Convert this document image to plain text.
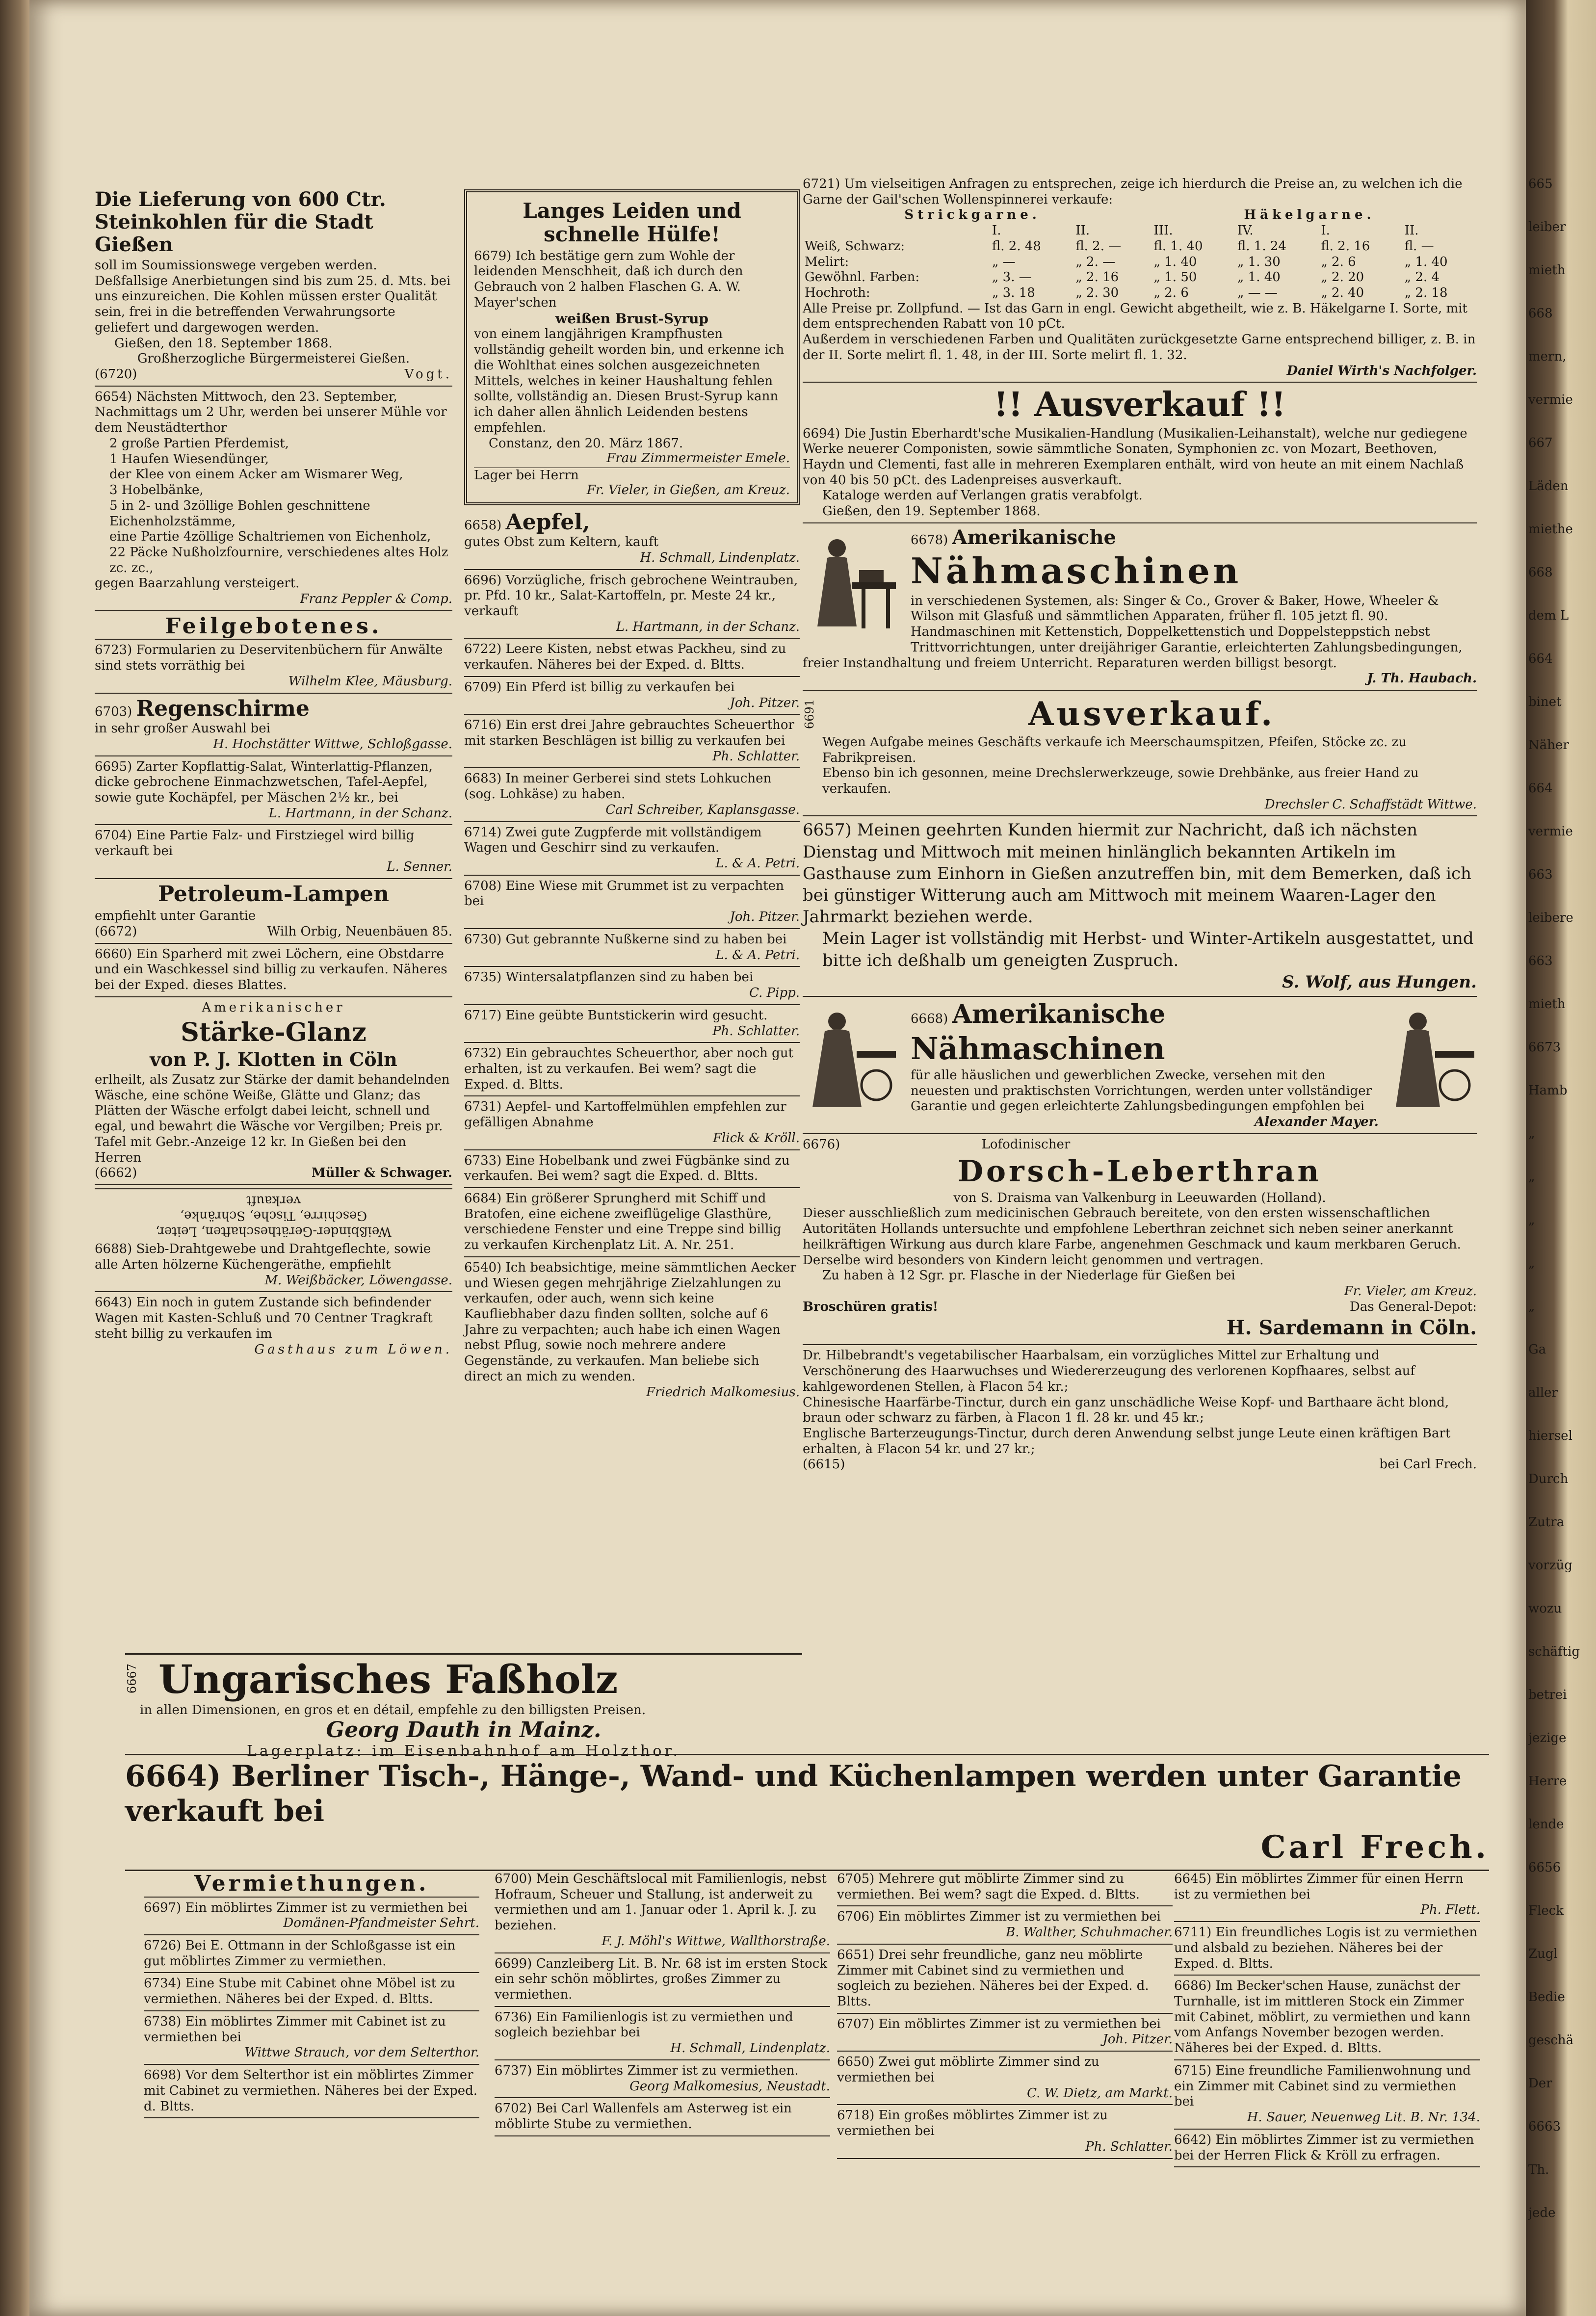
Die Lieferung von 600 Ctr. Steinkohlen für die Stadt Gießen
soll im Soumissionswege vergeben werden. Deßfallsige Anerbietungen sind bis zum 25. d. Mts. bei uns einzureichen. Die Kohlen müssen erster Qualität sein, frei in die betreffenden Verwahrungsorte geliefert und dargewogen werden.
Gießen, den 18. September 1868.
Großherzogliche Bürgermeisterei Gießen.
(6720)	Vogt.
6654) Nächsten Mittwoch, den 23. September, Nachmittags um 2 Uhr, werden bei unserer Mühle vor dem Neustädterthor
2 große Partien Pferdemist,
1 Haufen Wiesendünger,
der Klee von einem Acker am Wismarer Weg,
3 Hobelbänke,
5 in 2- und 3zöllige Bohlen geschnittene Eichenholzstämme,
eine Partie 4zöllige Schaltriemen von Eichenholz,
22 Päcke Nußholzfournire, verschiedenes altes Holz zc. zc.,
gegen Baarzahlung versteigert.
Franz Peppler & Comp.
Feilgebotenes.
6723) Formularien zu Deservitenbüchern für Anwälte sind stets vorräthig bei
Wilhelm Klee, Mäusburg.
6703) Regenschirme
in sehr großer Auswahl bei
H. Hochstätter Wittwe, Schloßgasse.
6695) Zarter Kopflattig-Salat, Winterlattig-Pflanzen, dicke gebrochene Einmachzwetschen, Tafel-Aepfel, sowie gute Kochäpfel, per Mäschen 2½ kr., bei
L. Hartmann, in der Schanz.
6704) Eine Partie Falz- und Firstziegel wird billig verkauft bei
L. Senner.
Petroleum-Lampen
empfiehlt unter Garantie
(6672)	Wilh Orbig, Neuenbäuen 85.
6660) Ein Sparherd mit zwei Löchern, eine Obstdarre und ein Waschkessel sind billig zu verkaufen. Näheres bei der Exped. dieses Blattes.
Amerikanischer
Stärke-Glanz
von P. J. Klotten in Cöln
erlheilt, als Zusatz zur Stärke der damit behandelnden Wäsche, eine schöne Weiße, Glätte und Glanz; das Plätten der Wäsche erfolgt dabei leicht, schnell und egal, und bewahrt die Wäsche vor Vergilben; Preis pr. Tafel mit Gebr.-Anzeige 12 kr. In Gießen bei den Herren
(6662)	Müller & Schwager.
Weißbinder-Gerätheschaften, Leiter,
Geschirre, Tische, Schränke,
verkauft
6688) Sieb-Drahtgewebe und Drahtgeflechte, sowie alle Arten hölzerne Küchengeräthe, empfiehlt
M. Weißbäcker, Löwengasse.
6643) Ein noch in gutem Zustande sich befindender Wagen mit Kasten-Schluß und 70 Centner Tragkraft steht billig zu verkaufen im
Gasthaus zum Löwen.
Langes Leiden und schnelle Hülfe!
6679) Ich bestätige gern zum Wohle der leidenden Menschheit, daß ich durch den Gebrauch von 2 halben Flaschen G. A. W. Mayer'schen
weißen Brust-Syrup
von einem langjährigen Krampfhusten vollständig geheilt worden bin, und erkenne ich die Wohlthat eines solchen ausgezeichneten Mittels, welches in keiner Haushaltung fehlen sollte, vollständig an. Diesen Brust-Syrup kann ich daher allen ähnlich Leidenden bestens empfehlen.
Constanz, den 20. März 1867.
Frau Zimmermeister Emele.
Lager bei Herrn
Fr. Vieler, in Gießen, am Kreuz.
6658) Aepfel,
gutes Obst zum Keltern, kauft
H. Schmall, Lindenplatz.
6696) Vorzügliche, frisch gebrochene Weintrauben, pr. Pfd. 10 kr., Salat-Kartoffeln, pr. Meste 24 kr., verkauft
L. Hartmann, in der Schanz.
6722) Leere Kisten, nebst etwas Packheu, sind zu verkaufen. Näheres bei der Exped. d. Bltts.
6709) Ein Pferd ist billig zu verkaufen bei
Joh. Pitzer.
6716) Ein erst drei Jahre gebrauchtes Scheuerthor mit starken Beschlägen ist billig zu verkaufen bei
Ph. Schlatter.
6683) In meiner Gerberei sind stets Lohkuchen (sog. Lohkäse) zu haben.
Carl Schreiber, Kaplansgasse.
6714) Zwei gute Zugpferde mit vollständigem Wagen und Geschirr sind zu verkaufen.
L. & A. Petri.
6708) Eine Wiese mit Grummet ist zu verpachten bei
Joh. Pitzer.
6730) Gut gebrannte Nußkerne sind zu haben bei
L. & A. Petri.
6735) Wintersalatpflanzen sind zu haben bei
C. Pipp.
6717) Eine geübte Buntstickerin wird gesucht.
Ph. Schlatter.
6732) Ein gebrauchtes Scheuerthor, aber noch gut erhalten, ist zu verkaufen. Bei wem? sagt die Exped. d. Bltts.
6731) Aepfel- und Kartoffelmühlen empfehlen zur gefälligen Abnahme
Flick & Kröll.
6733) Eine Hobelbank und zwei Fügbänke sind zu verkaufen. Bei wem? sagt die Exped. d. Bltts.
6684) Ein größerer Sprungherd mit Schiff und Bratofen, eine eichene zweiflügelige Glasthüre, verschiedene Fenster und eine Treppe sind billig zu verkaufen Kirchenplatz Lit. A. Nr. 251.
6540) Ich beabsichtige, meine sämmtlichen Aecker und Wiesen gegen mehrjährige Zielzahlungen zu verkaufen, oder auch, wenn sich keine Kaufliebhaber dazu finden sollten, solche auf 6 Jahre zu verpachten; auch habe ich einen Wagen nebst Pflug, sowie noch mehrere andere Gegenstände, zu verkaufen. Man beliebe sich direct an mich zu wenden.
Friedrich Malkomesius.
6667 Ungarisches Faßholz
in allen Dimensionen, en gros et en détail, empfehle zu den billigsten Preisen.
Georg Dauth in Mainz.
Lagerplatz: im Eisenbahnhof am Holzthor.
6721) Um vielseitigen Anfragen zu entsprechen, zeige ich hierdurch die Preise an, zu welchen ich die Garne der Gail'schen Wollenspinnerei verkaufe:
Strickgarne.	Häkelgarne.
	I.	II.	III.	IV.	I.	II.
Weiß, Schwarz:	fl. 2. 48	fl. 2. —	fl. 1. 40	fl. 1. 24	fl. 2. 16	fl. —
Melirt:	„ —	„ 2. —	„ 1. 40	„ 1. 30	„ 2. 6	„ 1. 40
Gewöhnl. Farben:	„ 3. —	„ 2. 16	„ 1. 50	„ 1. 40	„ 2. 20	„ 2. 4
Hochroth:	„ 3. 18	„ 2. 30	„ 2. 6	„ — —	„ 2. 40	„ 2. 18
Alle Preise pr. Zollpfund. — Ist das Garn in engl. Gewicht abgetheilt, wie z. B. Häkelgarne I. Sorte, mit dem entsprechenden Rabatt von 10 pCt.
Außerdem in verschiedenen Farben und Qualitäten zurückgesetzte Garne entsprechend billiger, z. B. in der II. Sorte melirt fl. 1. 48, in der III. Sorte melirt fl. 1. 32.
Daniel Wirth's Nachfolger.
!! Ausverkauf !!
6694) Die Justin Eberhardt'sche Musikalien-Handlung (Musikalien-Leihanstalt), welche nur gediegene Werke neuerer Componisten, sowie sämmtliche Sonaten, Symphonien zc. von Mozart, Beethoven, Haydn und Clementi, fast alle in mehreren Exemplaren enthält, wird von heute an mit einem Nachlaß von 40 bis 50 pCt. des Ladenpreises ausverkauft.
Kataloge werden auf Verlangen gratis verabfolgt.
Gießen, den 19. September 1868.
6678) Amerikanische
Nähmaschinen
in verschiedenen Systemen, als: Singer & Co., Grover & Baker, Howe, Wheeler & Wilson mit Glasfuß und sämmtlichen Apparaten, früher fl. 105 jetzt fl. 90. Handmaschinen mit Kettenstich, Doppelkettenstich und Doppelsteppstich nebst Trittvorrichtungen, unter dreijähriger Garantie, erleichterten Zahlungsbedingungen, freier Instandhaltung und freiem Unterricht. Reparaturen werden billigst besorgt.
J. Th. Haubach.
6691	Ausverkauf.
Wegen Aufgabe meines Geschäfts verkaufe ich Meerschaumspitzen, Pfeifen, Stöcke zc. zu Fabrikpreisen.
Ebenso bin ich gesonnen, meine Drechslerwerkzeuge, sowie Drehbänke, aus freier Hand zu verkaufen.
Drechsler C. Schaffstädt Wittwe.
6657) Meinen geehrten Kunden hiermit zur Nachricht, daß ich nächsten Dienstag und Mittwoch mit meinen hinlänglich bekannten Artikeln im Gasthause zum Einhorn in Gießen anzutreffen bin, mit dem Bemerken, daß ich bei günstiger Witterung auch am Mittwoch mit meinem Waaren-Lager den Jahrmarkt beziehen werde.
Mein Lager ist vollständig mit Herbst- und Winter-Artikeln ausgestattet, und bitte ich deßhalb um geneigten Zuspruch.
S. Wolf, aus Hungen.
6668) Amerikanische
Nähmaschinen
für alle häuslichen und gewerblichen Zwecke, versehen mit den neuesten und praktischsten Vorrichtungen, werden unter vollständiger Garantie und gegen erleichterte Zahlungsbedingungen empfohlen bei
Alexander Mayer.
6676)	Lofodinischer
Dorsch-Leberthran
von S. Draisma van Valkenburg in Leeuwarden (Holland).
Dieser ausschließlich zum medicinischen Gebrauch bereitete, von den ersten wissenschaftlichen Autoritäten Hollands untersuchte und empfohlene Leberthran zeichnet sich neben seiner anerkannt heilkräftigen Wirkung aus durch klare Farbe, angenehmen Geschmack und kaum merkbaren Geruch. Derselbe wird besonders von Kindern leicht genommen und vertragen.
Zu haben à 12 Sgr. pr. Flasche in der Niederlage für Gießen bei
Fr. Vieler, am Kreuz.
Broschüren gratis!	Das General-Depot:
H. Sardemann in Cöln.
Dr. Hilbebrandt's vegetabilischer Haarbalsam, ein vorzügliches Mittel zur Erhaltung und Verschönerung des Haarwuchses und Wiedererzeugung des verlorenen Kopfhaares, selbst auf kahlgewordenen Stellen, à Flacon 54 kr.;
Chinesische Haarfärbe-Tinctur, durch ein ganz unschädliche Weise Kopf- und Barthaare ächt blond, braun oder schwarz zu färben, à Flacon 1 fl. 28 kr. und 45 kr.;
Englische Barterzeugungs-Tinctur, durch deren Anwendung selbst junge Leute einen kräftigen Bart erhalten, à Flacon 54 kr. und 27 kr.;
(6615)	bei Carl Frech.
6664) Berliner Tisch-, Hänge-, Wand- und Küchenlampen werden unter Garantie verkauft bei
Carl Frech.
Vermiethungen.
6697) Ein möblirtes Zimmer ist zu vermiethen bei
Domänen-Pfandmeister Sehrt.
6726) Bei E. Ottmann in der Schloßgasse ist ein gut möblirtes Zimmer zu vermiethen.
6734) Eine Stube mit Cabinet ohne Möbel ist zu vermiethen. Näheres bei der Exped. d. Bltts.
6738) Ein möblirtes Zimmer mit Cabinet ist zu vermiethen bei
Wittwe Strauch, vor dem Selterthor.
6698) Vor dem Selterthor ist ein möblirtes Zimmer mit Cabinet zu vermiethen. Näheres bei der Exped. d. Bltts.
6700) Mein Geschäftslocal mit Familienlogis, nebst Hofraum, Scheuer und Stallung, ist anderweit zu vermiethen und am 1. Januar oder 1. April k. J. zu beziehen.
F. J. Möhl's Wittwe, Wallthorstraße.
6699) Canzleiberg Lit. B. Nr. 68 ist im ersten Stock ein sehr schön möblirtes, großes Zimmer zu vermiethen.
6736) Ein Familienlogis ist zu vermiethen und sogleich beziehbar bei
H. Schmall, Lindenplatz.
6737) Ein möblirtes Zimmer ist zu vermiethen.
Georg Malkomesius, Neustadt.
6702) Bei Carl Wallenfels am Asterweg ist ein möblirte Stube zu vermiethen.
6705) Mehrere gut möblirte Zimmer sind zu vermiethen. Bei wem? sagt die Exped. d. Bltts.
6706) Ein möblirtes Zimmer ist zu vermiethen bei
B. Walther, Schuhmacher.
6651) Drei sehr freundliche, ganz neu möblirte Zimmer mit Cabinet sind zu vermiethen und sogleich zu beziehen. Näheres bei der Exped. d. Bltts.
6707) Ein möblirtes Zimmer ist zu vermiethen bei
Joh. Pitzer.
6650) Zwei gut möblirte Zimmer sind zu vermiethen bei
C. W. Dietz, am Markt.
6718) Ein großes möblirtes Zimmer ist zu vermiethen bei
Ph. Schlatter.
6645) Ein möblirtes Zimmer für einen Herrn ist zu vermiethen bei
Ph. Flett.
6711) Ein freundliches Logis ist zu vermiethen und alsbald zu beziehen. Näheres bei der Exped. d. Bltts.
6686) Im Becker'schen Hause, zunächst der Turnhalle, ist im mittleren Stock ein Zimmer mit Cabinet, möblirt, zu vermiethen und kann vom Anfangs November bezogen werden. Näheres bei der Exped. d. Bltts.
6715) Eine freundliche Familienwohnung und ein Zimmer mit Cabinet sind zu vermiethen bei
H. Sauer, Neuenweg Lit. B. Nr. 134.
6642) Ein möblirtes Zimmer ist zu vermiethen bei der Herren Flick & Kröll zu erfragen.
665
leiber
mieth
668
mern,
vermie
667
Läden
miethe
668
dem L
664
binet
Näher
664
vermie
663
leibere
663
mieth
6673
Hamb
„
„
„
„
„
Ga
aller
hiersel
Durch
Zutra
vorzüg
wozu
schäftig
betrei
jezige
Herre
lende
6656
Fleck
Zugl
Bedie
geschä
Der
6663
Th.
jede
